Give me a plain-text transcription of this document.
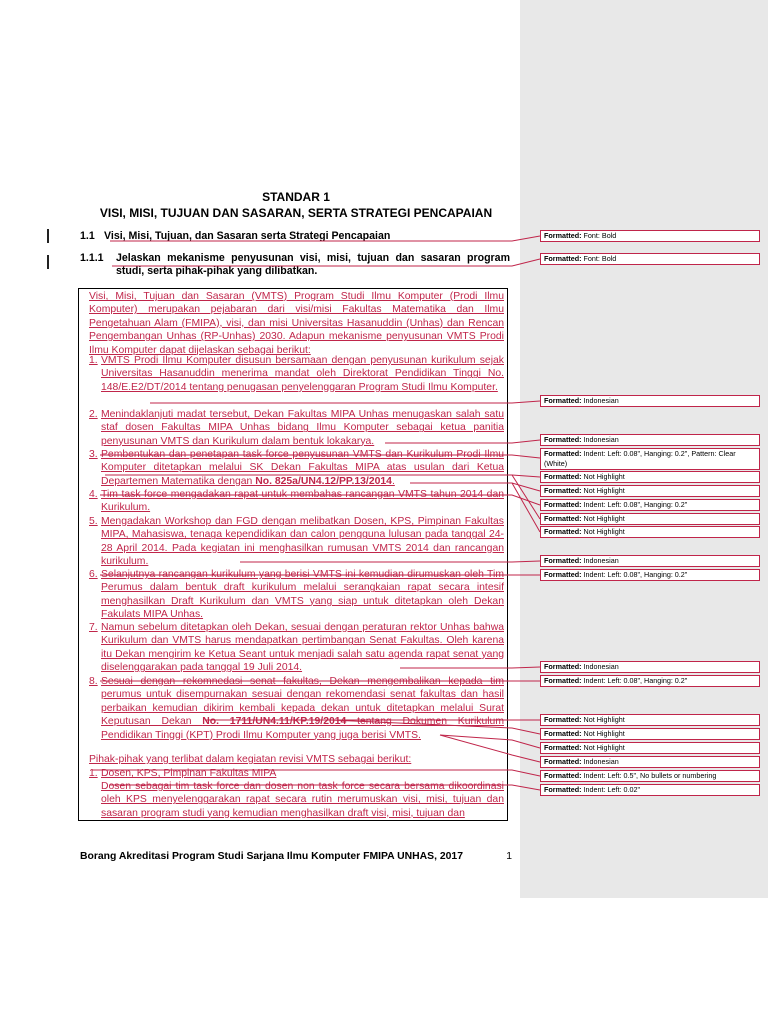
STANDAR 1
VISI, MISI, TUJUAN DAN SASARAN, SERTA STRATEGI PENCAPAIAN
1.1 Visi, Misi, Tujuan, dan Sasaran serta Strategi Pencapaian
1.1.1 Jelaskan mekanisme penyusunan visi, misi, tujuan dan sasaran program studi, serta pihak-pihak yang dilibatkan.
Visi, Misi, Tujuan dan Sasaran (VMTS) Program Studi Ilmu Komputer (Prodi Ilmu Komputer) merupakan pejabaran dari visi/misi Fakultas Matematika dan Ilmu Pengetahuan Alam (FMIPA), visi, dan misi Universitas Hasanuddin (Unhas) dan Rencan Pengembangan Unhas (RP-Unhas) 2030. Adapun mekanisme penyusunan VMTS Prodi Ilmu Komputer dapat dijelaskan sebagai berikut:
1. VMTS Prodi Ilmu Komputer disusun bersamaan dengan penyusunan kurikulum sejak Universitas Hasanuddin menerima mandat oleh Direktorat Pendidikan Tinggi No. 148/E.E2/DT/2014 tentang penugasan penyelenggaran Program Studi Ilmu Komputer.
2. Menindaklanjuti madat tersebut, Dekan Fakultas MIPA Unhas menugaskan salah satu staf dosen Fakultas MIPA Unhas bidang Ilmu Komputer sebagai ketua panitia penyusunan VMTS dan Kurikulum dalam bentuk lokakarya.
3. Pembentukan dan penetapan task force penyusunan VMTS dan Kurikulum Prodi Ilmu Komputer ditetapkan melalui SK Dekan Fakultas MIPA atas usulan dari Ketua Departemen Matematika dengan No. 825a/UN4.12/PP.13/2014.
4. Tim task force mengadakan rapat untuk membahas rancangan VMTS tahun 2014 dan Kurikulum.
5. Mengadakan Workshop dan FGD dengan melibatkan Dosen, KPS, Pimpinan Fakultas MIPA, Mahasiswa, tenaga kependidikan dan calon pengguna lulusan pada tanggal 24-28 April 2014. Pada kegiatan ini menghasilkan rumusan VMTS 2014 dan rancangan kurikulum.
6. Selanjutnya rancangan kurikulum yang berisi VMTS ini kemudian dirumuskan oleh Tim Perumus dalam bentuk draft kurikulum melalui serangkaian rapat secara intesif menghasilkan Draft Kurikulum dan VMTS yang siap untuk ditetapkan oleh Dekan Fakulats MIPA Unhas.
7. Namun sebelum ditetapkan oleh Dekan, sesuai dengan peraturan rektor Unhas bahwa Kurikulum dan VMTS harus mendapatkan pertimbangan Senat Fakultas. Oleh karena itu Dekan mengirim ke Ketua Seant untuk menjadi salah satu agenda rapat senat yang diselenggarakan pada tanggal 19 Juli 2014.
8. Sesuai dengan rekomnedasi senat fakultas, Dekan mengembalikan kepada tim perumus untuk disempurnakan sesuai dengan rekomendasi senat fakultas dan hasil perbaikan kemudian dikirim kembali kepada dekan untuk ditetapkan melalui Surat Keputusan Dekan No. 1711/UN4.11/KP.19/2014 tentang Dokumen Kurikulum Pendidikan Tinggi (KPT) Prodi Ilmu Komputer yang juga berisi VMTS.
Pihak-pihak yang terlibat dalam kegiatan revisi VMTS sebagai berikut:
1. Dosen, KPS, Pimpinan Fakultas MIPA
Dosen sebagai tim task force dan dosen non task force secara bersama dikoordinasi oleh KPS menyelenggarakan rapat secara rutin merumuskan visi, misi, tujuan dan sasaran program studi yang kemudian menghasilkan draft visi, misi, tujuan dan
Borang Akreditasi Program Studi Sarjana Ilmu Komputer FMIPA UNHAS, 2017	1
Formatted: Font: Bold
Formatted: Font: Bold
Formatted: Indonesian
Formatted: Indonesian
Formatted: Indent: Left: 0.08", Hanging: 0.2", Pattern: Clear (White)
Formatted: Not Highlight
Formatted: Not Highlight
Formatted: Indent: Left: 0.08", Hanging: 0.2"
Formatted: Not Highlight
Formatted: Not Highlight
Formatted: Indonesian
Formatted: Indent: Left: 0.08", Hanging: 0.2"
Formatted: Indonesian
Formatted: Indent: Left: 0.08", Hanging: 0.2"
Formatted: Not Highlight
Formatted: Not Highlight
Formatted: Not Highlight
Formatted: Indonesian
Formatted: Indent: Left: 0.5", No bullets or numbering
Formatted: Indent: Left: 0.02"
